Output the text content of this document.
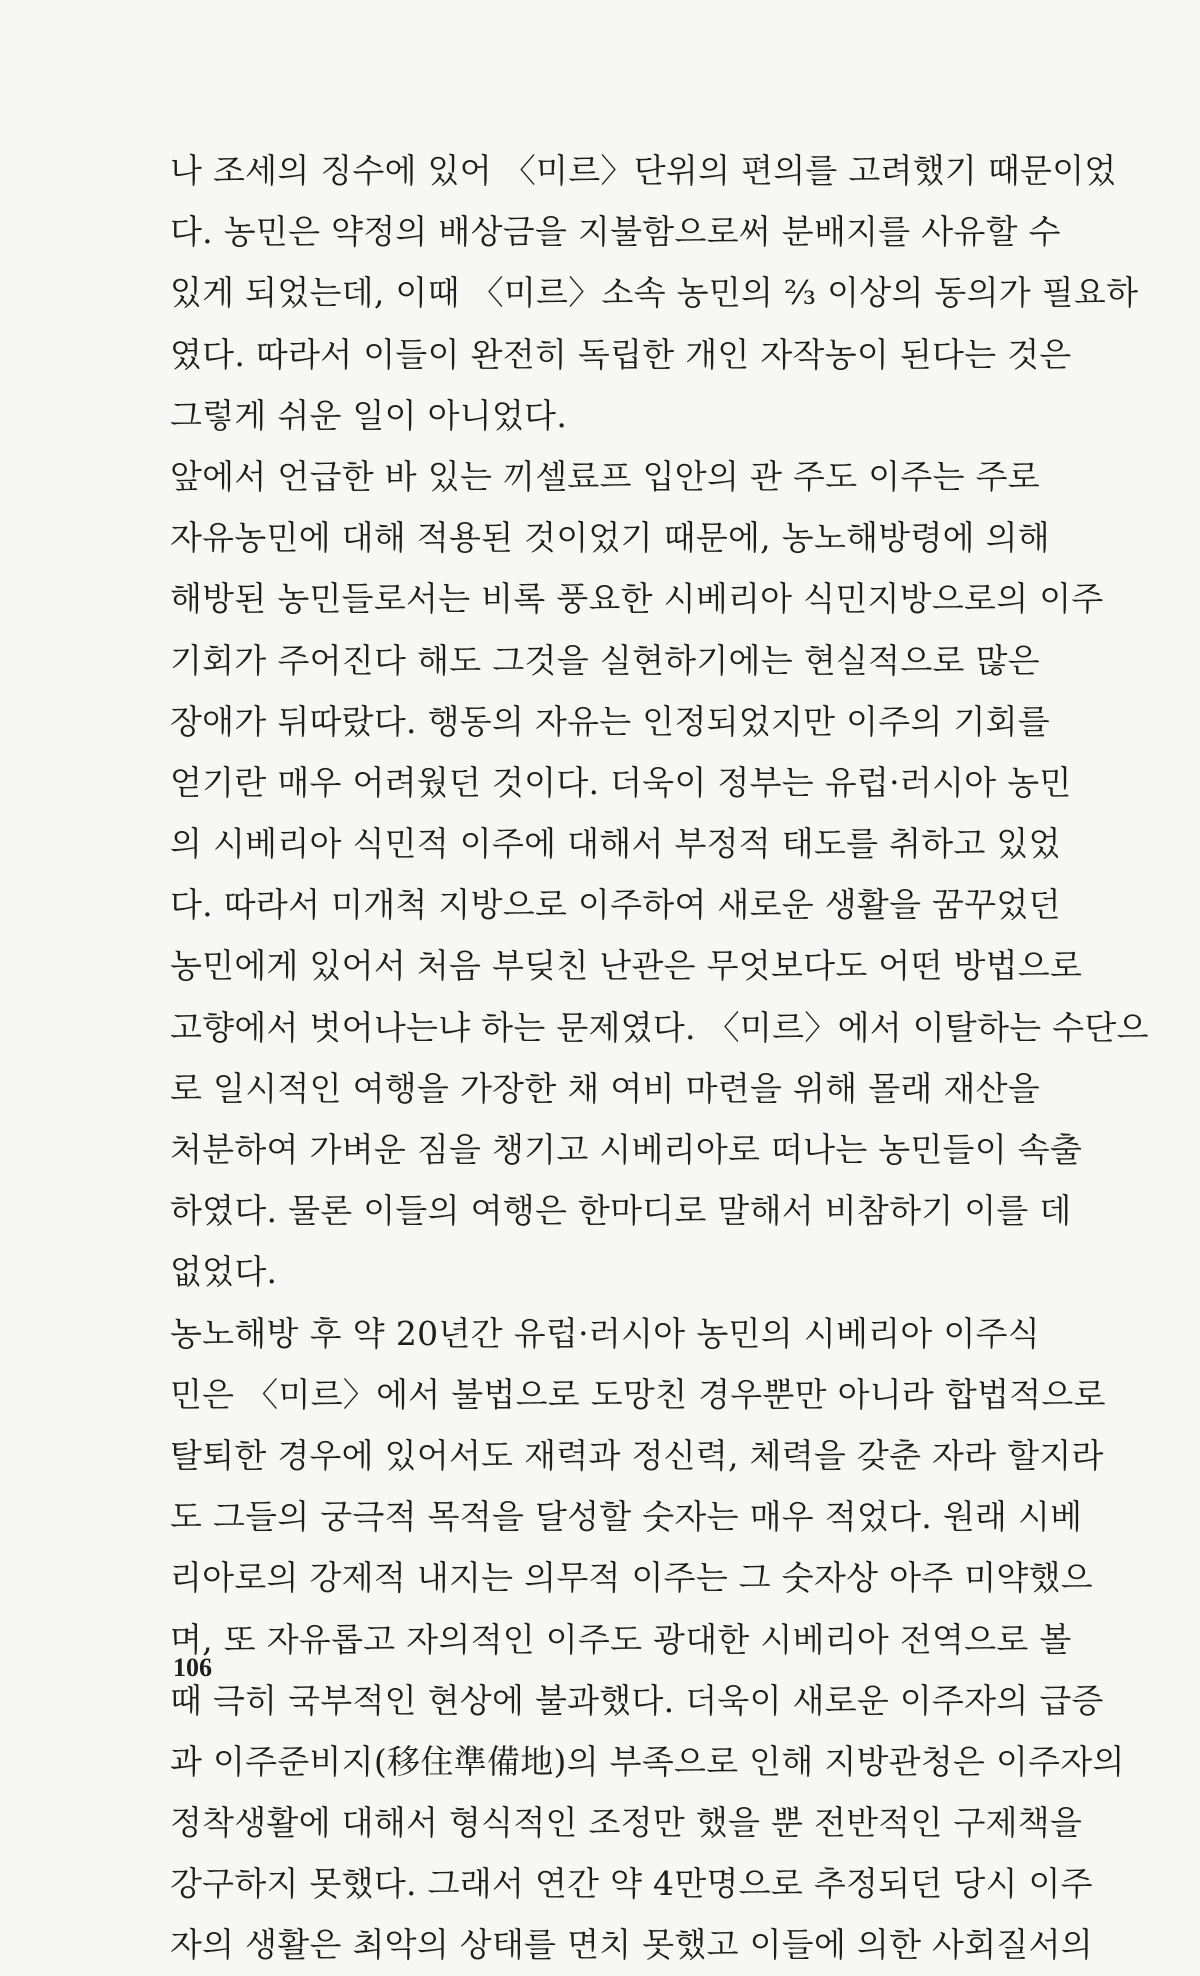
나 조세의 징수에 있어 〈미르〉단위의 편의를 고려했기 때문이었
다. 농민은 약정의 배상금을 지불함으로써 분배지를 사유할 수
있게 되었는데, 이때 〈미르〉소속 농민의 ⅔ 이상의 동의가 필요하
였다. 따라서 이들이 완전히 독립한 개인 자작농이 된다는 것은
그렇게 쉬운 일이 아니었다.
앞에서 언급한 바 있는 끼셀료프 입안의 관 주도 이주는 주로
자유농민에 대해 적용된 것이었기 때문에, 농노해방령에 의해
해방된 농민들로서는 비록 풍요한 시베리아 식민지방으로의 이주
기회가 주어진다 해도 그것을 실현하기에는 현실적으로 많은
장애가 뒤따랐다. 행동의 자유는 인정되었지만 이주의 기회를
얻기란 매우 어려웠던 것이다. 더욱이 정부는 유럽·러시아 농민
의 시베리아 식민적 이주에 대해서 부정적 태도를 취하고 있었
다. 따라서 미개척 지방으로 이주하여 새로운 생활을 꿈꾸었던
농민에게 있어서 처음 부딪친 난관은 무엇보다도 어떤 방법으로
고향에서 벗어나는냐 하는 문제였다. 〈미르〉에서 이탈하는 수단으
로 일시적인 여행을 가장한 채 여비 마련을 위해 몰래 재산을
처분하여 가벼운 짐을 챙기고 시베리아로 떠나는 농민들이 속출
하였다. 물론 이들의 여행은 한마디로 말해서 비참하기 이를 데
없었다.
농노해방 후 약 20년간 유럽·러시아 농민의 시베리아 이주식
민은 〈미르〉에서 불법으로 도망친 경우뿐만 아니라 합법적으로
탈퇴한 경우에 있어서도 재력과 정신력, 체력을 갖춘 자라 할지라
도 그들의 궁극적 목적을 달성할 숫자는 매우 적었다. 원래 시베
리아로의 강제적 내지는 의무적 이주는 그 숫자상 아주 미약했으
며, 또 자유롭고 자의적인 이주도 광대한 시베리아 전역으로 볼
때 극히 국부적인 현상에 불과했다. 더욱이 새로운 이주자의 급증
과 이주준비지(移住準備地)의 부족으로 인해 지방관청은 이주자의
정착생활에 대해서 형식적인 조정만 했을 뿐 전반적인 구제책을
강구하지 못했다. 그래서 연간 약 4만명으로 추정되던 당시 이주
자의 생활은 최악의 상태를 면치 못했고 이들에 의한 사회질서의
106
